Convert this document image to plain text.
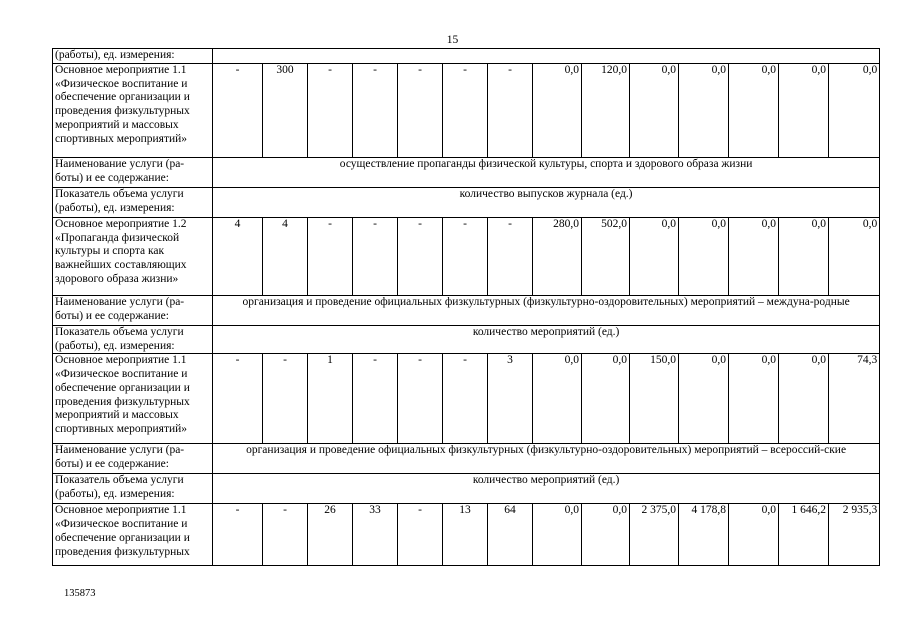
15
(работы), ед. измерения:														
Основное мероприятие 1.1 «Физическое воспитание и обеспечение организации и проведения физкультурных мероприятий и массовых спортивных мероприятий»	-	300	-	-	-	-	-	0,0	120,0	0,0	0,0	0,0	0,0	0,0
Наименование услуги (ра-боты) и ее содержание:	осуществление пропаганды физической культуры, спорта и здорового образа жизни													
Показатель объема услуги (работы), ед. измерения:	количество выпусков журнала (ед.)													
Основное мероприятие 1.2 «Пропаганда физической культуры и спорта как важнейших составляющих здорового образа жизни»	4	4	-	-	-	-	-	280,0	502,0	0,0	0,0	0,0	0,0	0,0
Наименование услуги (ра-боты) и ее содержание:	организация и проведение официальных физкультурных (физкультурно-оздоровительных) мероприятий – междуна-родные													
Показатель объема услуги (работы), ед. измерения:	количество мероприятий (ед.)													
Основное мероприятие 1.1 «Физическое воспитание и обеспечение организации и проведения физкультурных мероприятий и массовых спортивных мероприятий»	-	-	1	-	-	-	3	0,0	0,0	150,0	0,0	0,0	0,0	74,3
Наименование услуги (ра-боты) и ее содержание:	организация и проведение официальных физкультурных (физкультурно-оздоровительных) мероприятий – всероссий-ские													
Показатель объема услуги (работы), ед. измерения:	количество мероприятий (ед.)													
Основное мероприятие 1.1 «Физическое воспитание и обеспечение организации и проведения физкультурных	-	-	26	33	-	13	64	0,0	0,0	2 375,0	4 178,8	0,0	1 646,2	2 935,3
135873
